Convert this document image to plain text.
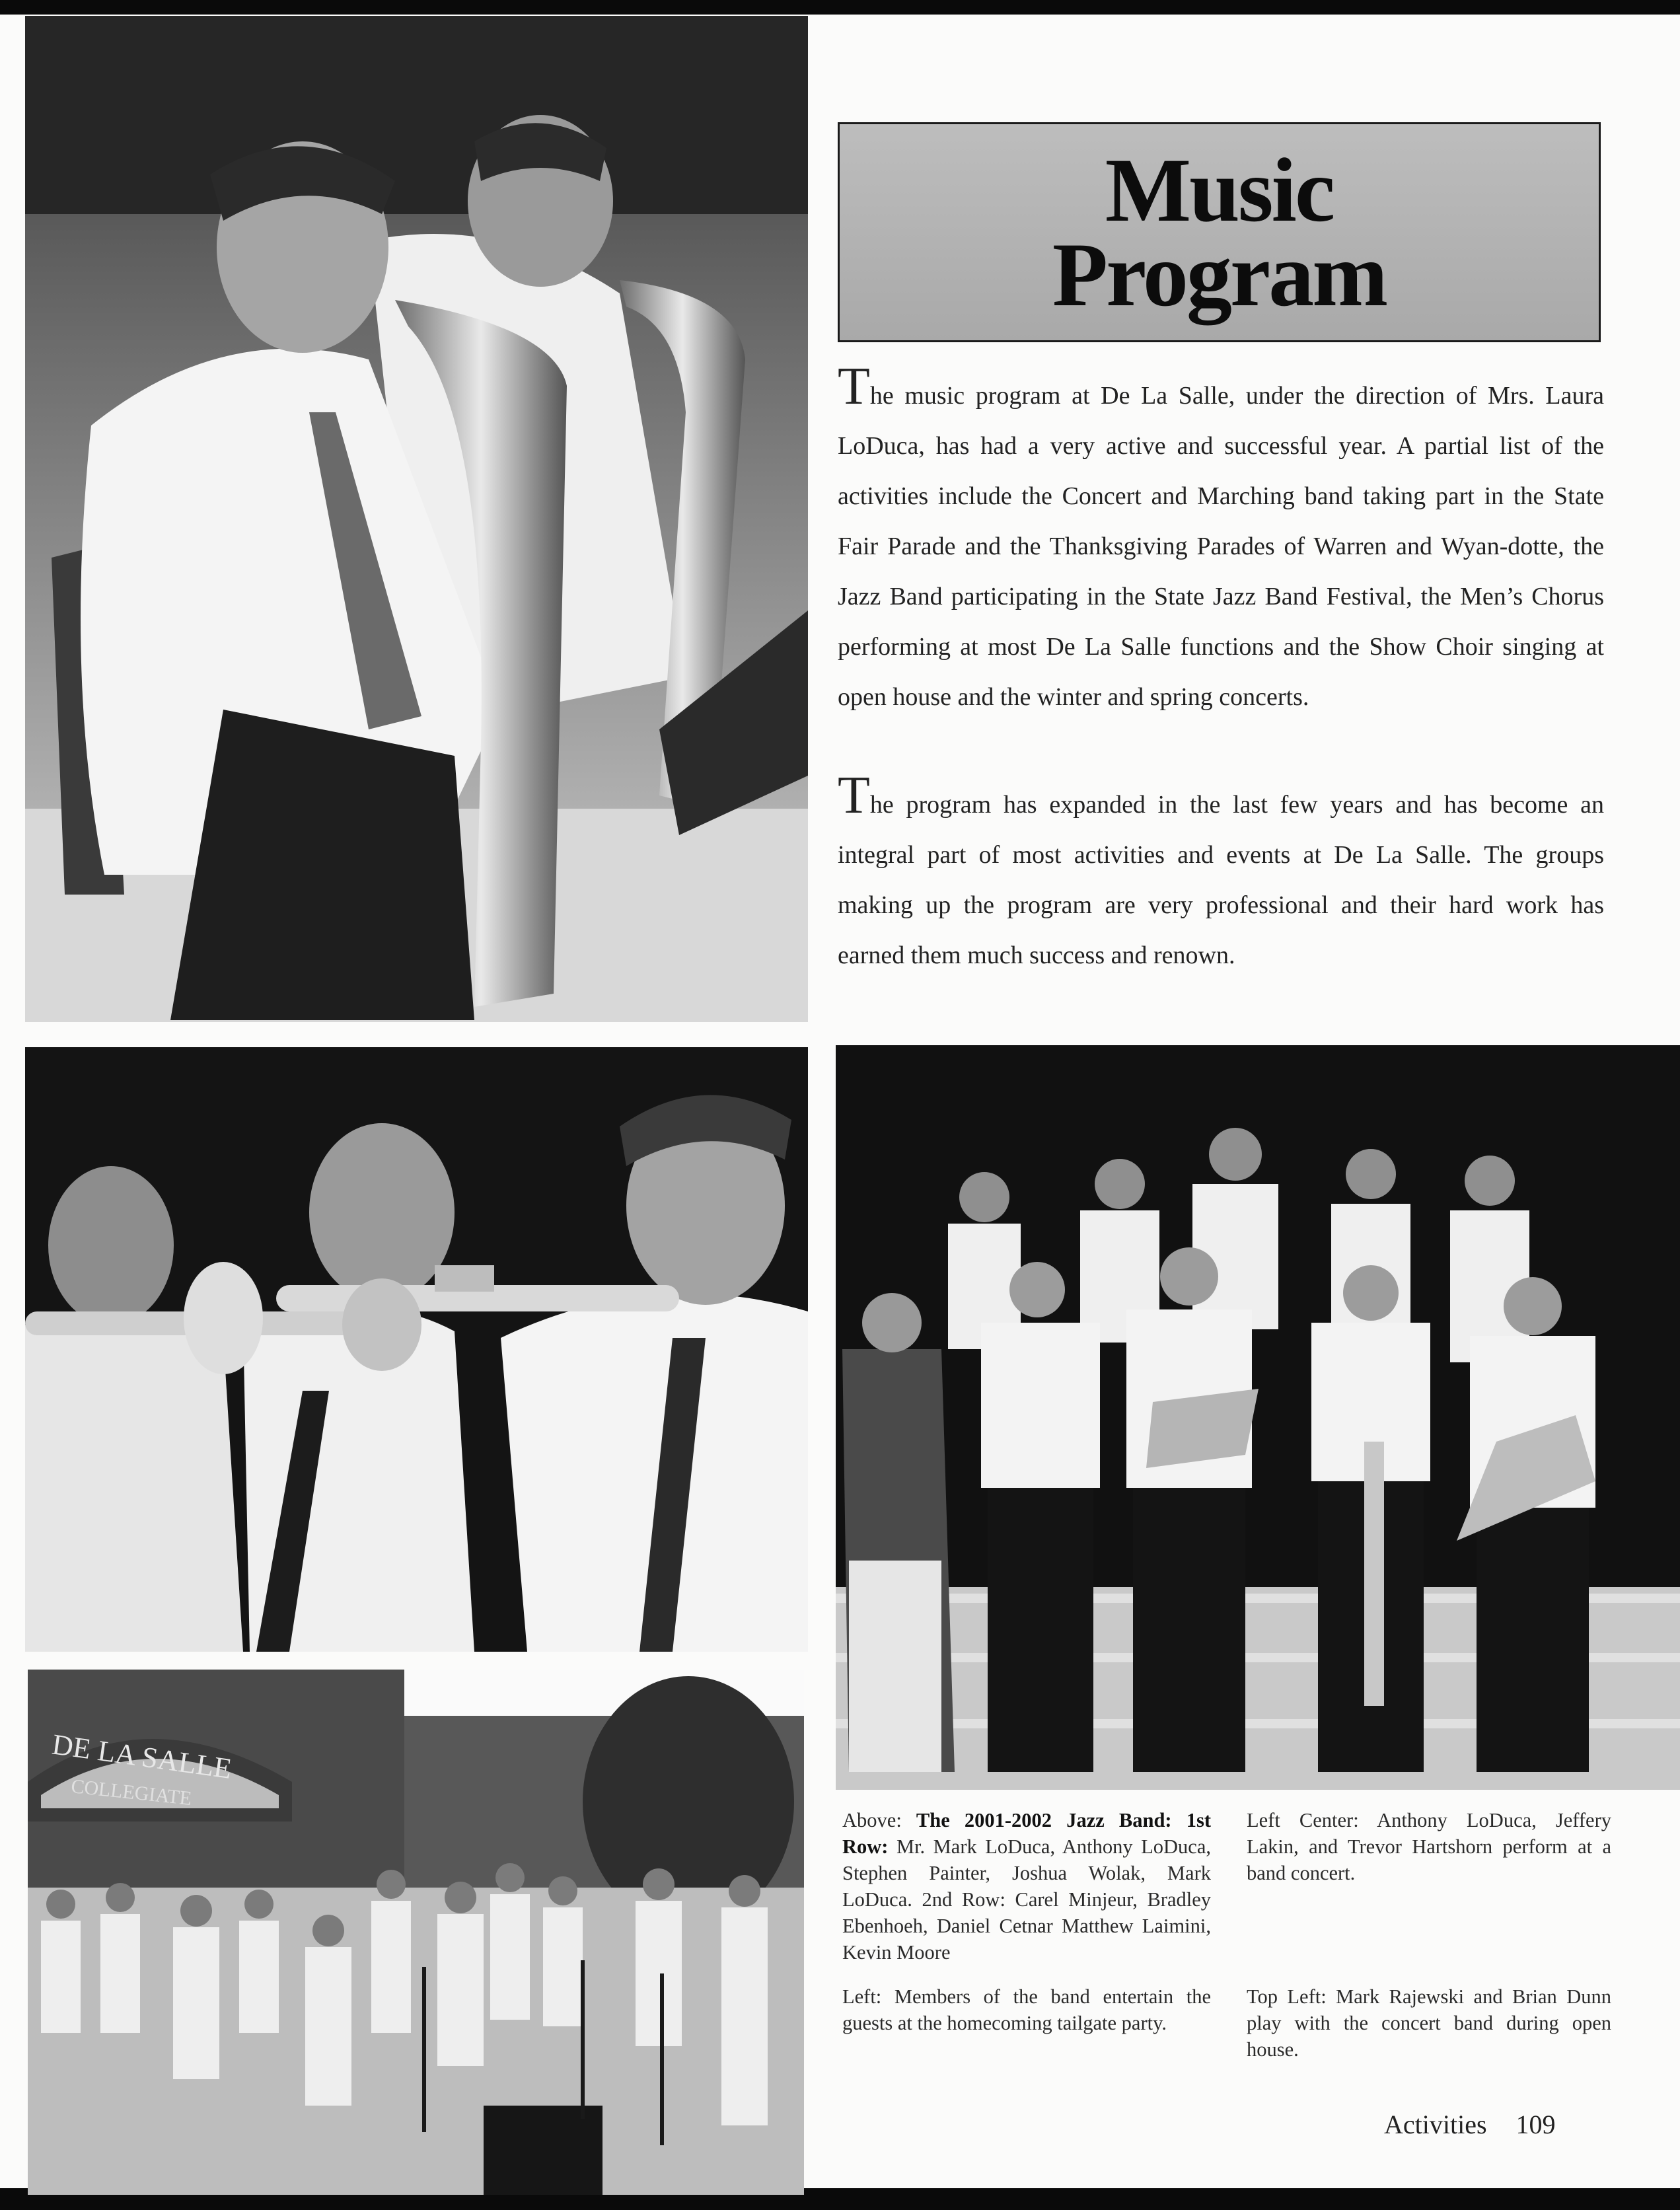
Music
Program
The music program at De La Salle, under the direction of Mrs. Laura LoDuca, has had a very active and successful year. A partial list of the activities include the Concert and Marching band taking part in the State Fair Parade and the Thanksgiving Parades of Warren and Wyan-dotte, the Jazz Band participating in the State Jazz Band Festival, the Men’s Chorus performing at most De La Salle functions and the Show Choir singing at open house and the winter and spring concerts.
The program has expanded in the last few years and has become an integral part of most activities and events at De La Salle. The groups making up the program are very professional and their hard work has earned them much success and renown.
DE LA SALLE
COLLEGIATE
Above: The 2001-2002 Jazz Band: 1st Row: Mr. Mark LoDuca, Anthony LoDuca, Stephen Painter, Joshua Wolak, Mark LoDuca. 2nd Row: Carel Minjeur, Bradley Ebenhoeh, Daniel Cetnar Matthew Laimini, Kevin Moore
Left Center: Anthony LoDuca, Jeffery Lakin, and Trevor Hartshorn perform at a band concert.
Left: Members of the band entertain the guests at the homecoming tailgate party.
Top Left: Mark Rajewski and Brian Dunn play with the concert band during open house.
Activities 109
